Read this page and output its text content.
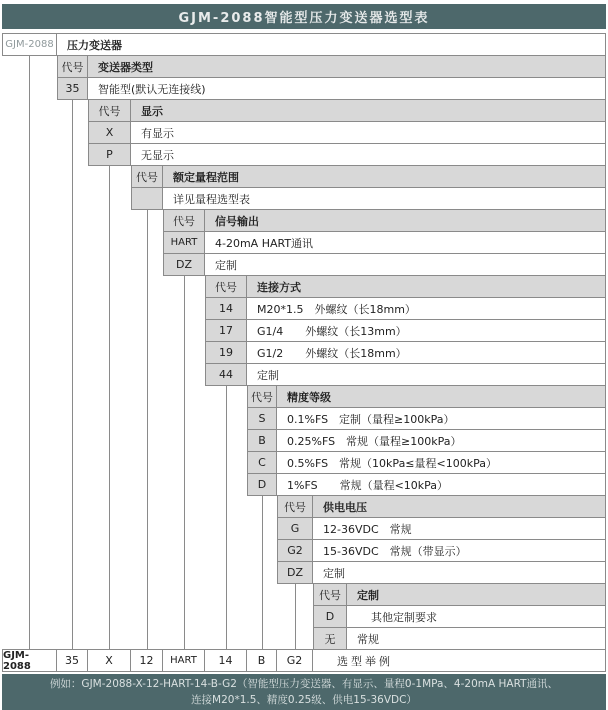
GJM-2088智能型压力变送器选型表
GJM-2088	压力变送器
代号	变送器类型
35	智能型(默认无连接线)
代号	显示
X	有显示
P	无显示
代号	额定量程范围
详见量程选型表
代号	信号输出
HART	4-20mA HART通讯
DZ	定制
代号	连接方式
14	M20*1.5　外螺纹（长18mm）
17	G1/4　　外螺纹（长13mm）
19	G1/2　　外螺纹（长18mm）
44	定制
代号	精度等级
S	0.1%FS　定制（量程≥100kPa）
B	0.25%FS　常规（量程≥100kPa）
C	0.5%FS　常规（10kPa≤量程<100kPa）
D	1%FS　　常规（量程<10kPa）
代号	供电电压
G	12-36VDC　常规
G2	15-36VDC　常规（带显示）
DZ	定制
代号	定制
D	其他定制要求
无	常规
GJM-2088	35	X	12	HART	14	B	G2	选型举例
例如：GJM-2088-X-12-HART-14-B-G2（智能型压力变送器、有显示、量程0-1MPa、4-20mA HART通讯、
连接M20*1.5、精度0.25级、供电15-36VDC）
